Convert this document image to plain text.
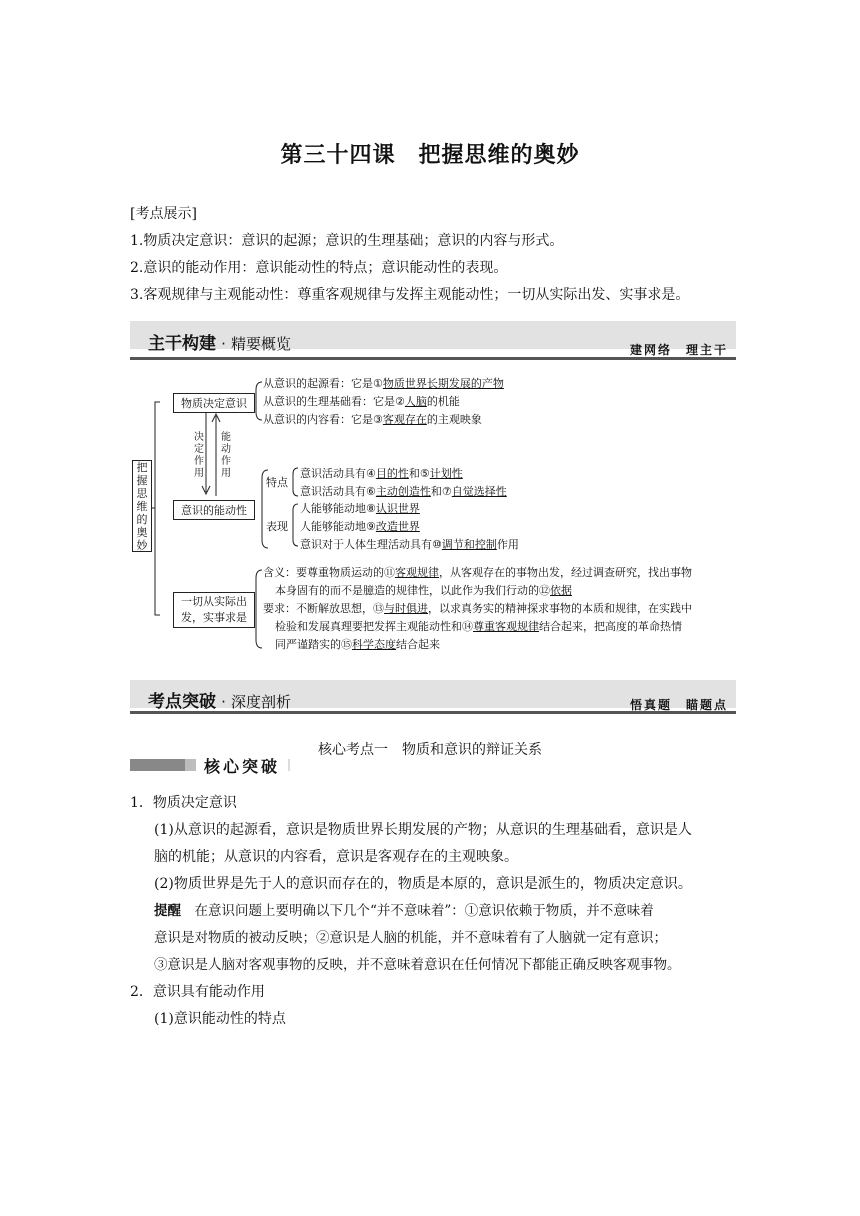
第三十四课　把握思维的奥妙
[考点展示]
1.物质决定意识：意识的起源；意识的生理基础；意识的内容与形式。
2.意识的能动作用：意识能动性的特点；意识能动性的表现。
3.客观规律与主观能动性：尊重客观规律与发挥主观能动性；一切从实际出发、实事求是。
主干构建 · 精要概览	建网络　理主干
把握思维的奥妙
物质决定意识
从意识的起源看：它是①物质世界长期发展的产物
从意识的生理基础看：它是②人脑的机能
从意识的内容看：它是③客观存在的主观映象
决定作用
能动作用
意识的能动性
特点
意识活动具有④目的性和⑤计划性
意识活动具有⑥主动创造性和⑦自觉选择性
表现
人能够能动地⑧认识世界
人能够能动地⑨改造世界
意识对于人体生理活动具有⑩调节和控制作用
一切从实际出
发，实事求是
含义：要尊重物质运动的⑪客观规律，从客观存在的事物出发，经过调查研究，找出事物
本身固有的而不是臆造的规律性，以此作为我们行动的⑫依据
要求：不断解放思想，⑬与时俱进，以求真务实的精神探求事物的本质和规律，在实践中
检验和发展真理要把发挥主观能动性和⑭尊重客观规律结合起来，把高度的革命热情
同严谨踏实的⑮科学态度结合起来
考点突破 · 深度剖析	悟真题　瞄题点
核心考点一　物质和意识的辩证关系
核心突破
1．物质决定意识
(1)从意识的起源看，意识是物质世界长期发展的产物；从意识的生理基础看，意识是人
脑的机能；从意识的内容看，意识是客观存在的主观映象。
(2)物质世界是先于人的意识而存在的，物质是本原的，意识是派生的，物质决定意识。
提醒　 在意识问题上要明确以下几个“并不意味着”：①意识依赖于物质，并不意味着
意识是对物质的被动反映；②意识是人脑的机能，并不意味着有了人脑就一定有意识；
③意识是人脑对客观事物的反映，并不意味着意识在任何情况下都能正确反映客观事物。
2．意识具有能动作用
(1)意识能动性的特点
